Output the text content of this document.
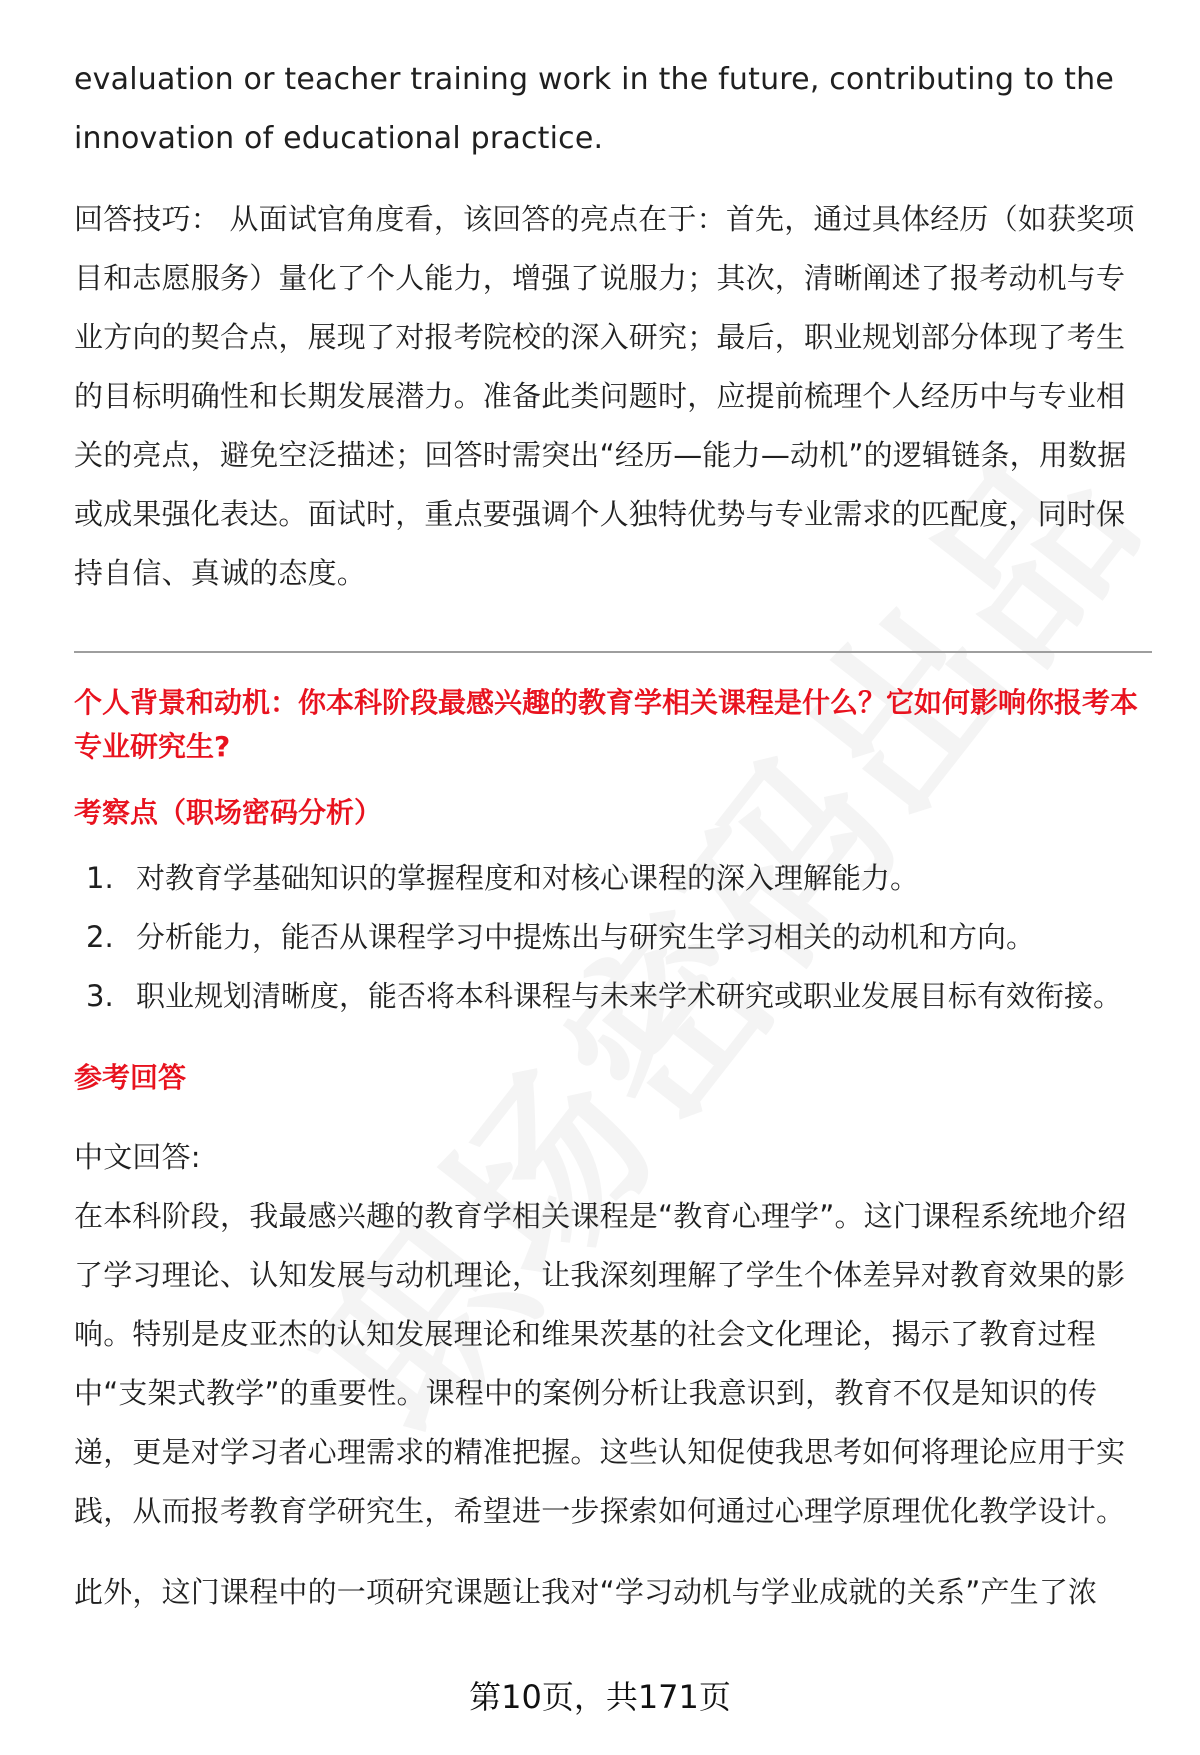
evaluation or teacher training work in the future, contributing to the

innovation of educational practice.

回答技巧： 从面试官角度看，该回答的亮点在于：首先，通过具体经历（如获奖项目和志愿服务）量化了个人能力，增强了说服力；其次，清晰阐述了报考动机与专业方向的契合点，展现了对报考院校的深入研究；最后，职业规划部分体现了考生的目标明确性和长期发展潜力。准备此类问题时，应提前梳理个人经历中与专业相关的亮点，避免空泛描述；回答时需突出“经历—能力—动机”的逻辑链条，用数据或成果强化表达。面试时，重点要强调个人独特优势与专业需求的匹配度，同时保持自信、真诚的态度。

个人背景和动机：你本科阶段最感兴趣的教育学相关课程是什么？它如何影响你报考本专业研究生?

考察点（职场密码分析）

1. 对教育学基础知识的掌握程度和对核心课程的深入理解能力。
2. 分析能力，能否从课程学习中提炼出与研究生学习相关的动机和方向。
3. 职业规划清晰度，能否将本科课程与未来学术研究或职业发展目标有效衔接。

参考回答

中文回答:

在本科阶段，我最感兴趣的教育学相关课程是“教育心理学”。这门课程系统地介绍了学习理论、认知发展与动机理论，让我深刻理解了学生个体差异对教育效果的影响。特别是皮亚杰的认知发展理论和维果茨基的社会文化理论，揭示了教育过程中“支架式教学”的重要性。课程中的案例分析让我意识到，教育不仅是知识的传递，更是对学习者心理需求的精准把握。这些认知促使我思考如何将理论应用于实践，从而报考教育学研究生，希望进一步探索如何通过心理学原理优化教学设计。

此外，这门课程中的一项研究课题让我对“学习动机与学业成就的关系”产生了浓

第10页，共171页
